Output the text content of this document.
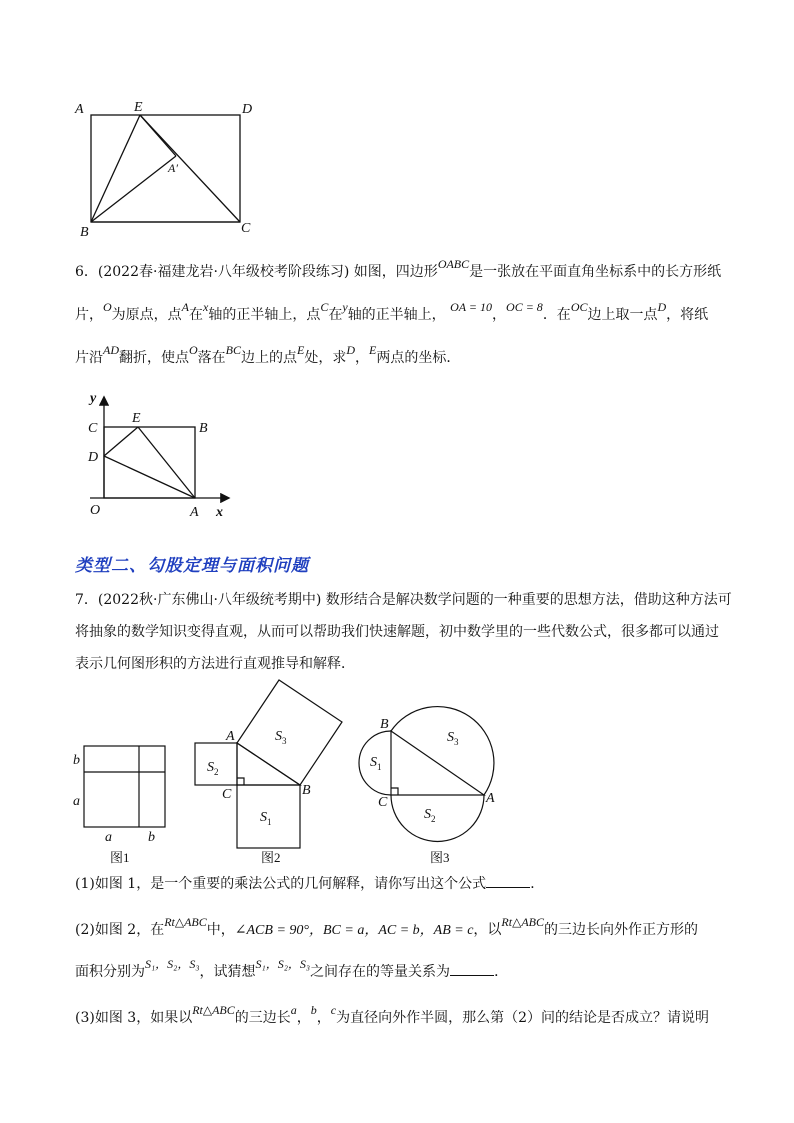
A	E	D
A′
B	C
6．(2022春·福建龙岩·八年级校考阶段练习) 如图，四边形OABC是一张放在平面直角坐标系中的长方形纸
片，O为原点，点A在x轴的正半轴上，点C在y轴的正半轴上， OA = 10，OC = 8．在OC边上取一点D，将纸
片沿AD翻折，使点O落在BC边上的点E处，求D，E两点的坐标．
y
C
E
B
D
O	A x
类型二、勾股定理与面积问题
7．(2022秋·广东佛山·八年级统考期中) 数形结合是解决数学问题的一种重要的思想方法，借助这种方法可
将抽象的数学知识变得直观，从而可以帮助我们快速解题，初中数学里的一些代数公式，很多都可以通过
表示几何图形积的方法进行直观推导和解释．
b
a
a	b
图1
A	$S_3$
$S_2$
C	B
$S_1$
图2
B
$S_3$
$S_1$
C	A
$S_2$
图3
(1)如图 1，是一个重要的乘法公式的几何解释，请你写出这个公式	．
(2)如图 2，在Rt△ABC中，∠ACB = 90°，BC = a，AC = b，AB = c，以Rt△ABC的三边长向外作正方形的
面积分别为S₁，S₂，S₃，试猜想S₁，S₂，S₃之间存在的等量关系为	．
(3)如图 3，如果以Rt△ABC的三边长a，b，c为直径向外作半圆，那么第（2）问的结论是否成立？请说明
